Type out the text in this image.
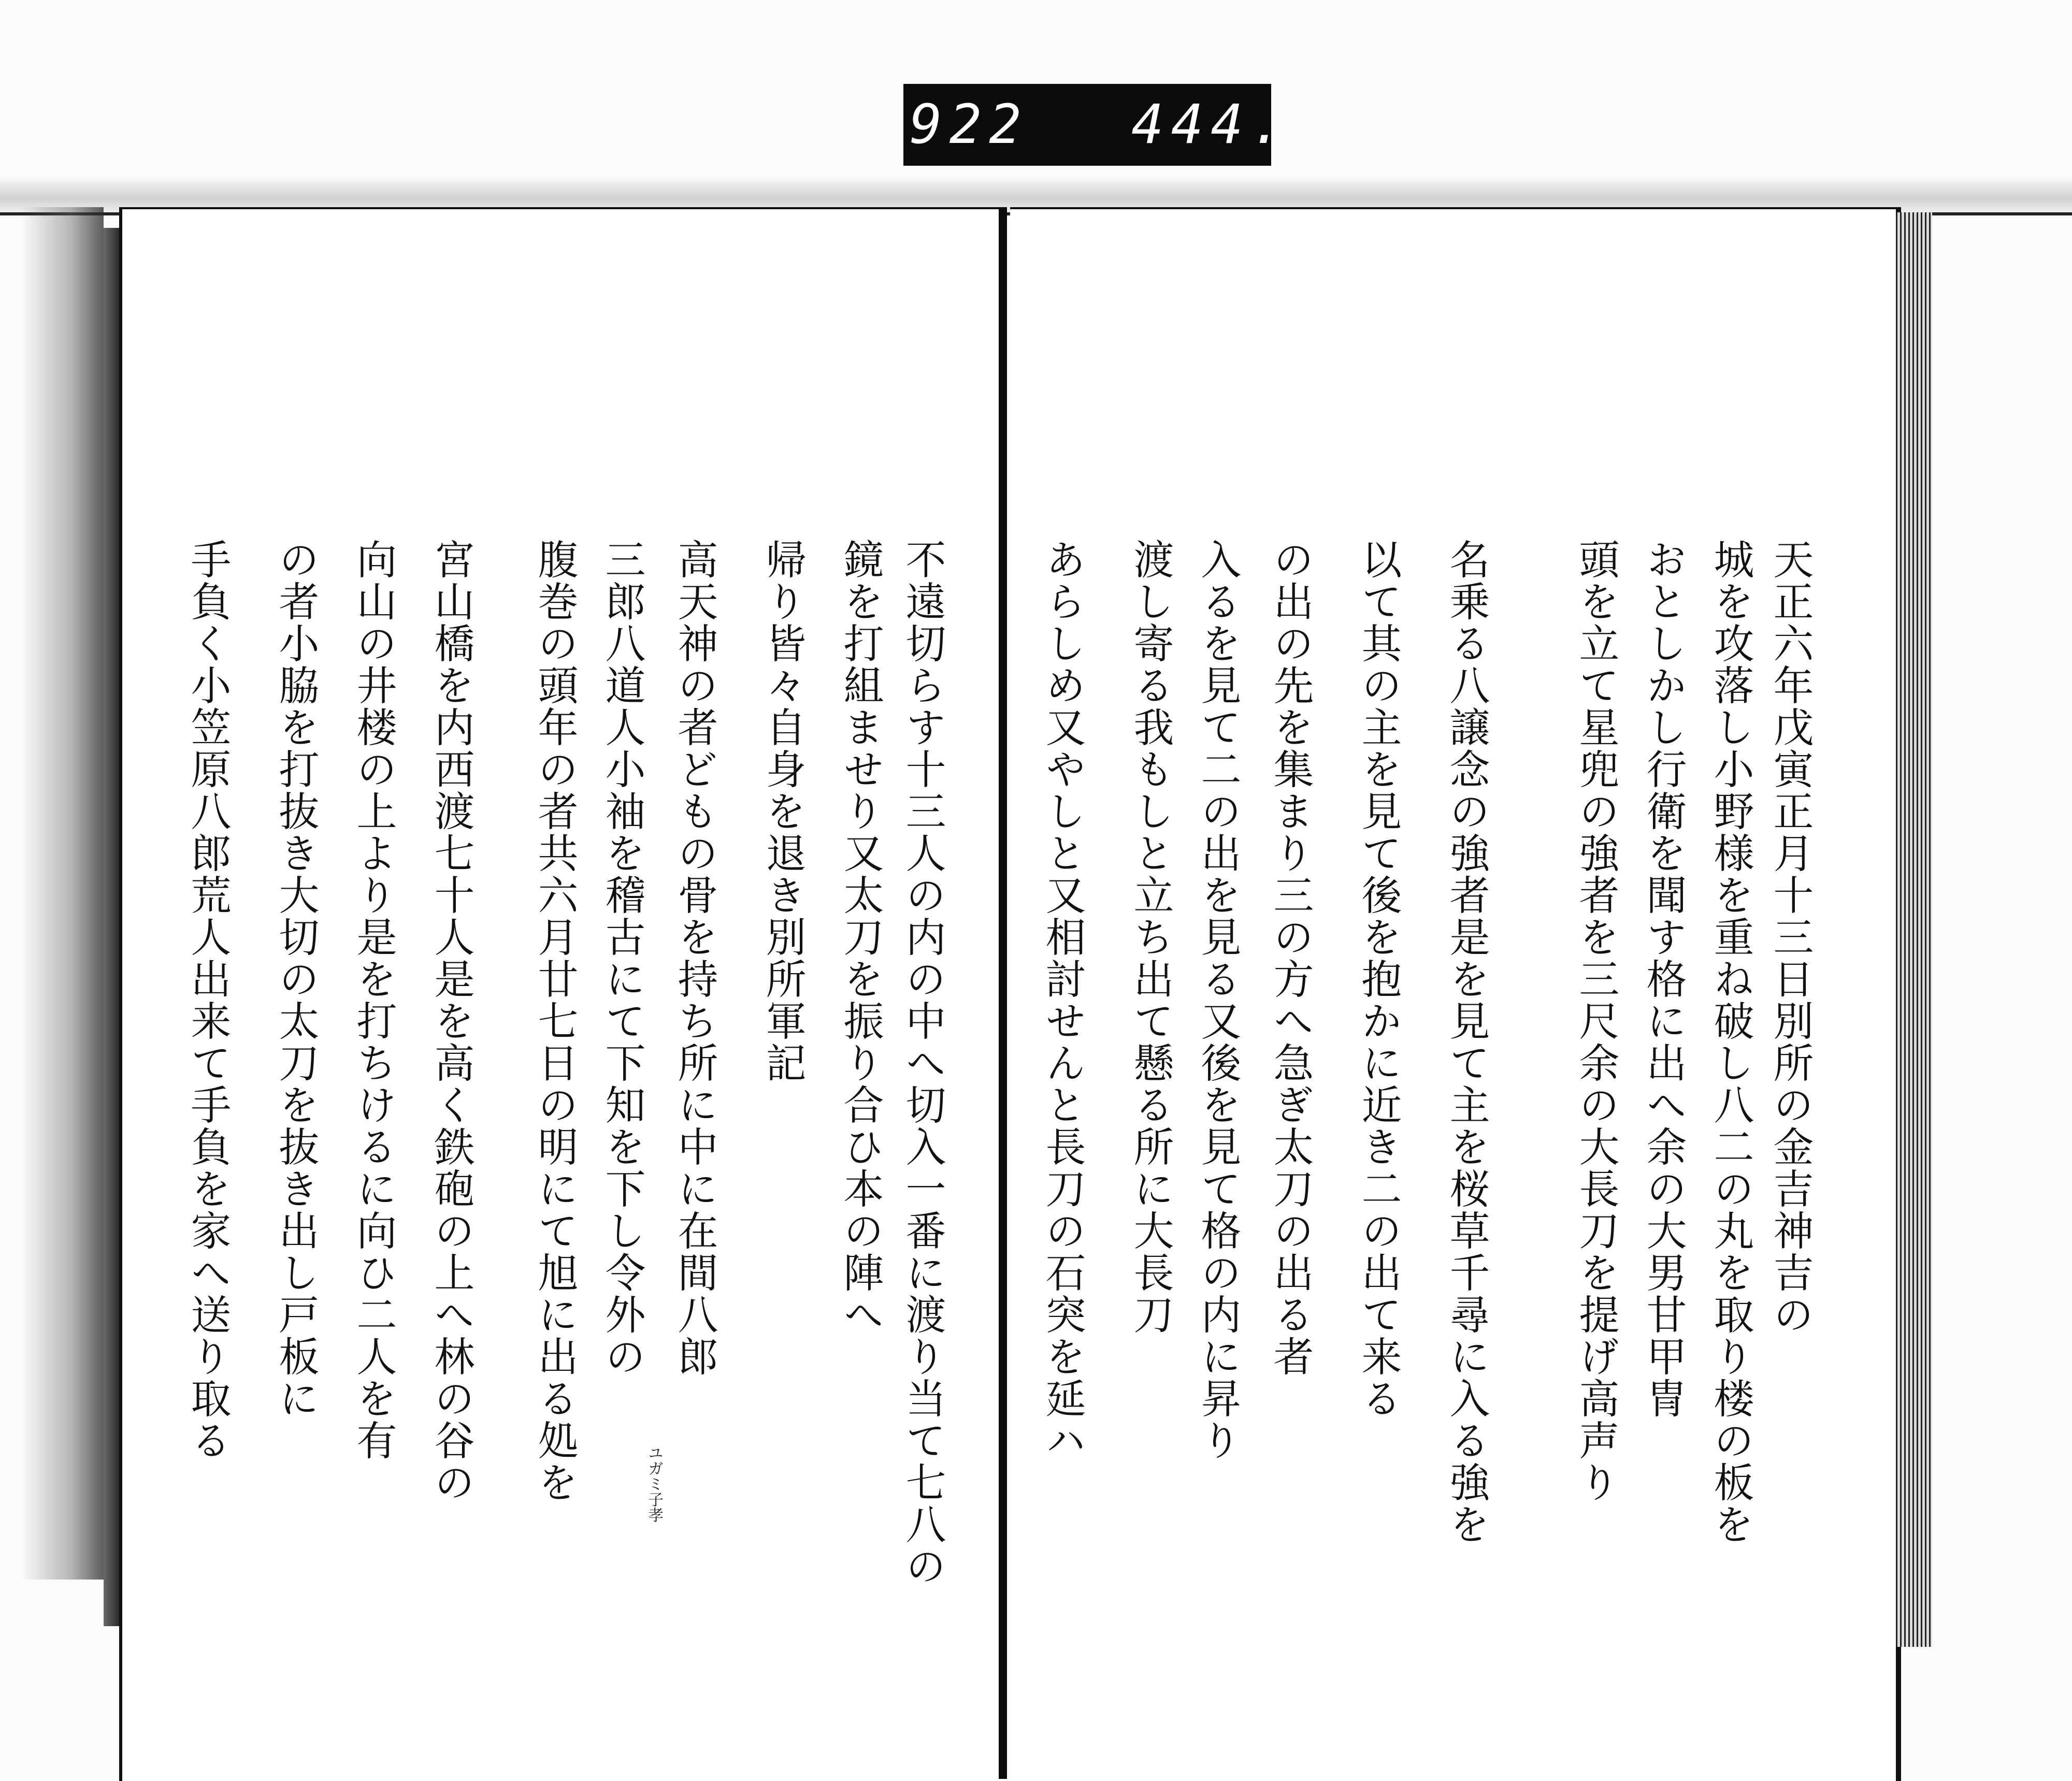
922 444.
天正六年戊寅正月十三日別所の金吉神吉の
城を攻落し小野様を重ね破し八二の丸を取り楼の板を
おとしかし行衛を聞す格に出へ余の大男甘甲冑
頭を立て星兜の強者を三尺余の大長刀を提げ高声り
名乗る八譲念の強者是を見て主を桜草千尋に入る強を
以て其の主を見て後を抱かに近き二の出て来る
の出の先を集まり三の方へ急ぎ太刀の出る者
入るを見て二の出を見る又後を見て格の内に昇り
渡し寄る我もしと立ち出て懸る所に大長刀
あらしめ又やしと又相討せんと長刀の石突を延ハ
不遠切らす十三人の内の中へ切入一番に渡り当て七八の
鏡を打組ませり又太刀を振り合ひ本の陣へ
帰り皆々自身を退き別所軍記
高天神の者どもの骨を持ち所に中に在間八郎
三郎八道人小袖を稽古にて下知を下し令外の
腹巻の頭年の者共六月廿七日の明にて旭に出る処を
宮山橋を内西渡七十人是を高く鉄砲の上へ林の谷の
向山の井楼の上より是を打ちけるに向ひ二人を有
の者小脇を打抜き大切の太刀を抜き出し戸板に
手負く小笠原八郎荒人出来て手負を家へ送り取る
ユガミ子孝
